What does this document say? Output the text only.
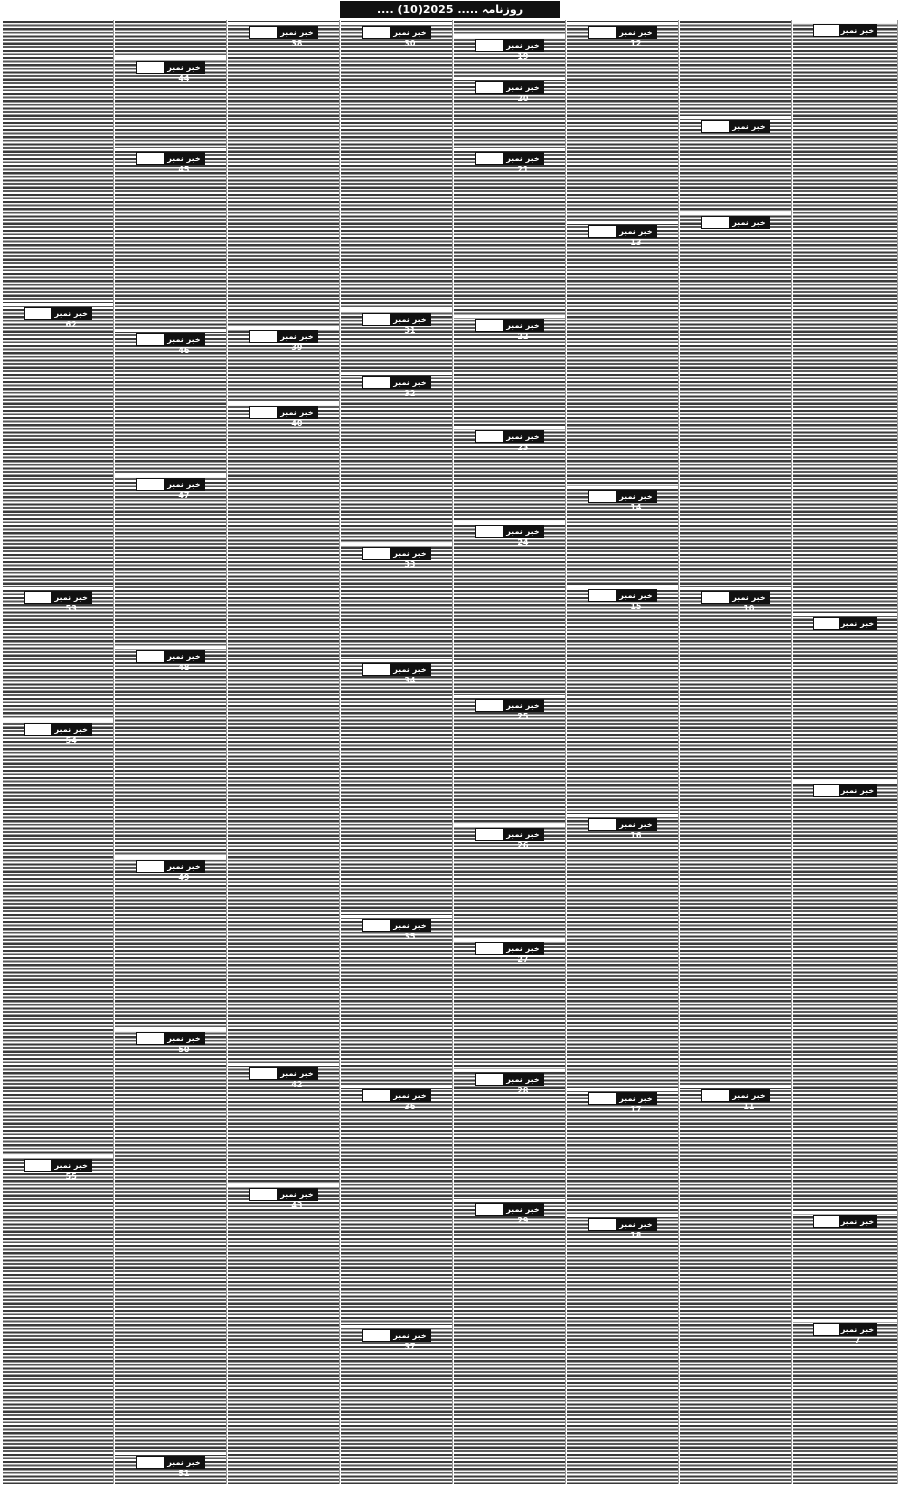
روزنامہ ..... 2025(10) ....
خبر نمبر 62
خبر نمبر 53
خبر نمبر 54
خبر نمبر 55
خبر نمبر 44
خبر نمبر 45
خبر نمبر 46
خبر نمبر 47
خبر نمبر 48
خبر نمبر 49
خبر نمبر 50
خبر نمبر 51
خبر نمبر 38
خبر نمبر 39
خبر نمبر 40
خبر نمبر 42
خبر نمبر 43
خبر نمبر 30
خبر نمبر 31
خبر نمبر 32
خبر نمبر 33
خبر نمبر 34
خبر نمبر 35
خبر نمبر 36
خبر نمبر 37
خبر نمبر 19
خبر نمبر 20
خبر نمبر 21
خبر نمبر 22
خبر نمبر 23
خبر نمبر 24
خبر نمبر 25
خبر نمبر 26
خبر نمبر 27
خبر نمبر 28
خبر نمبر 29
خبر نمبر 12
خبر نمبر 13
خبر نمبر 14
خبر نمبر 15
خبر نمبر 16
خبر نمبر 17
خبر نمبر 18
خبر نمبر
خبر نمبر
خبر نمبر 10
خبر نمبر 11
خبر نمبر
خبر نمبر
خبر نمبر
خبر نمبر
خبر نمبر 7
